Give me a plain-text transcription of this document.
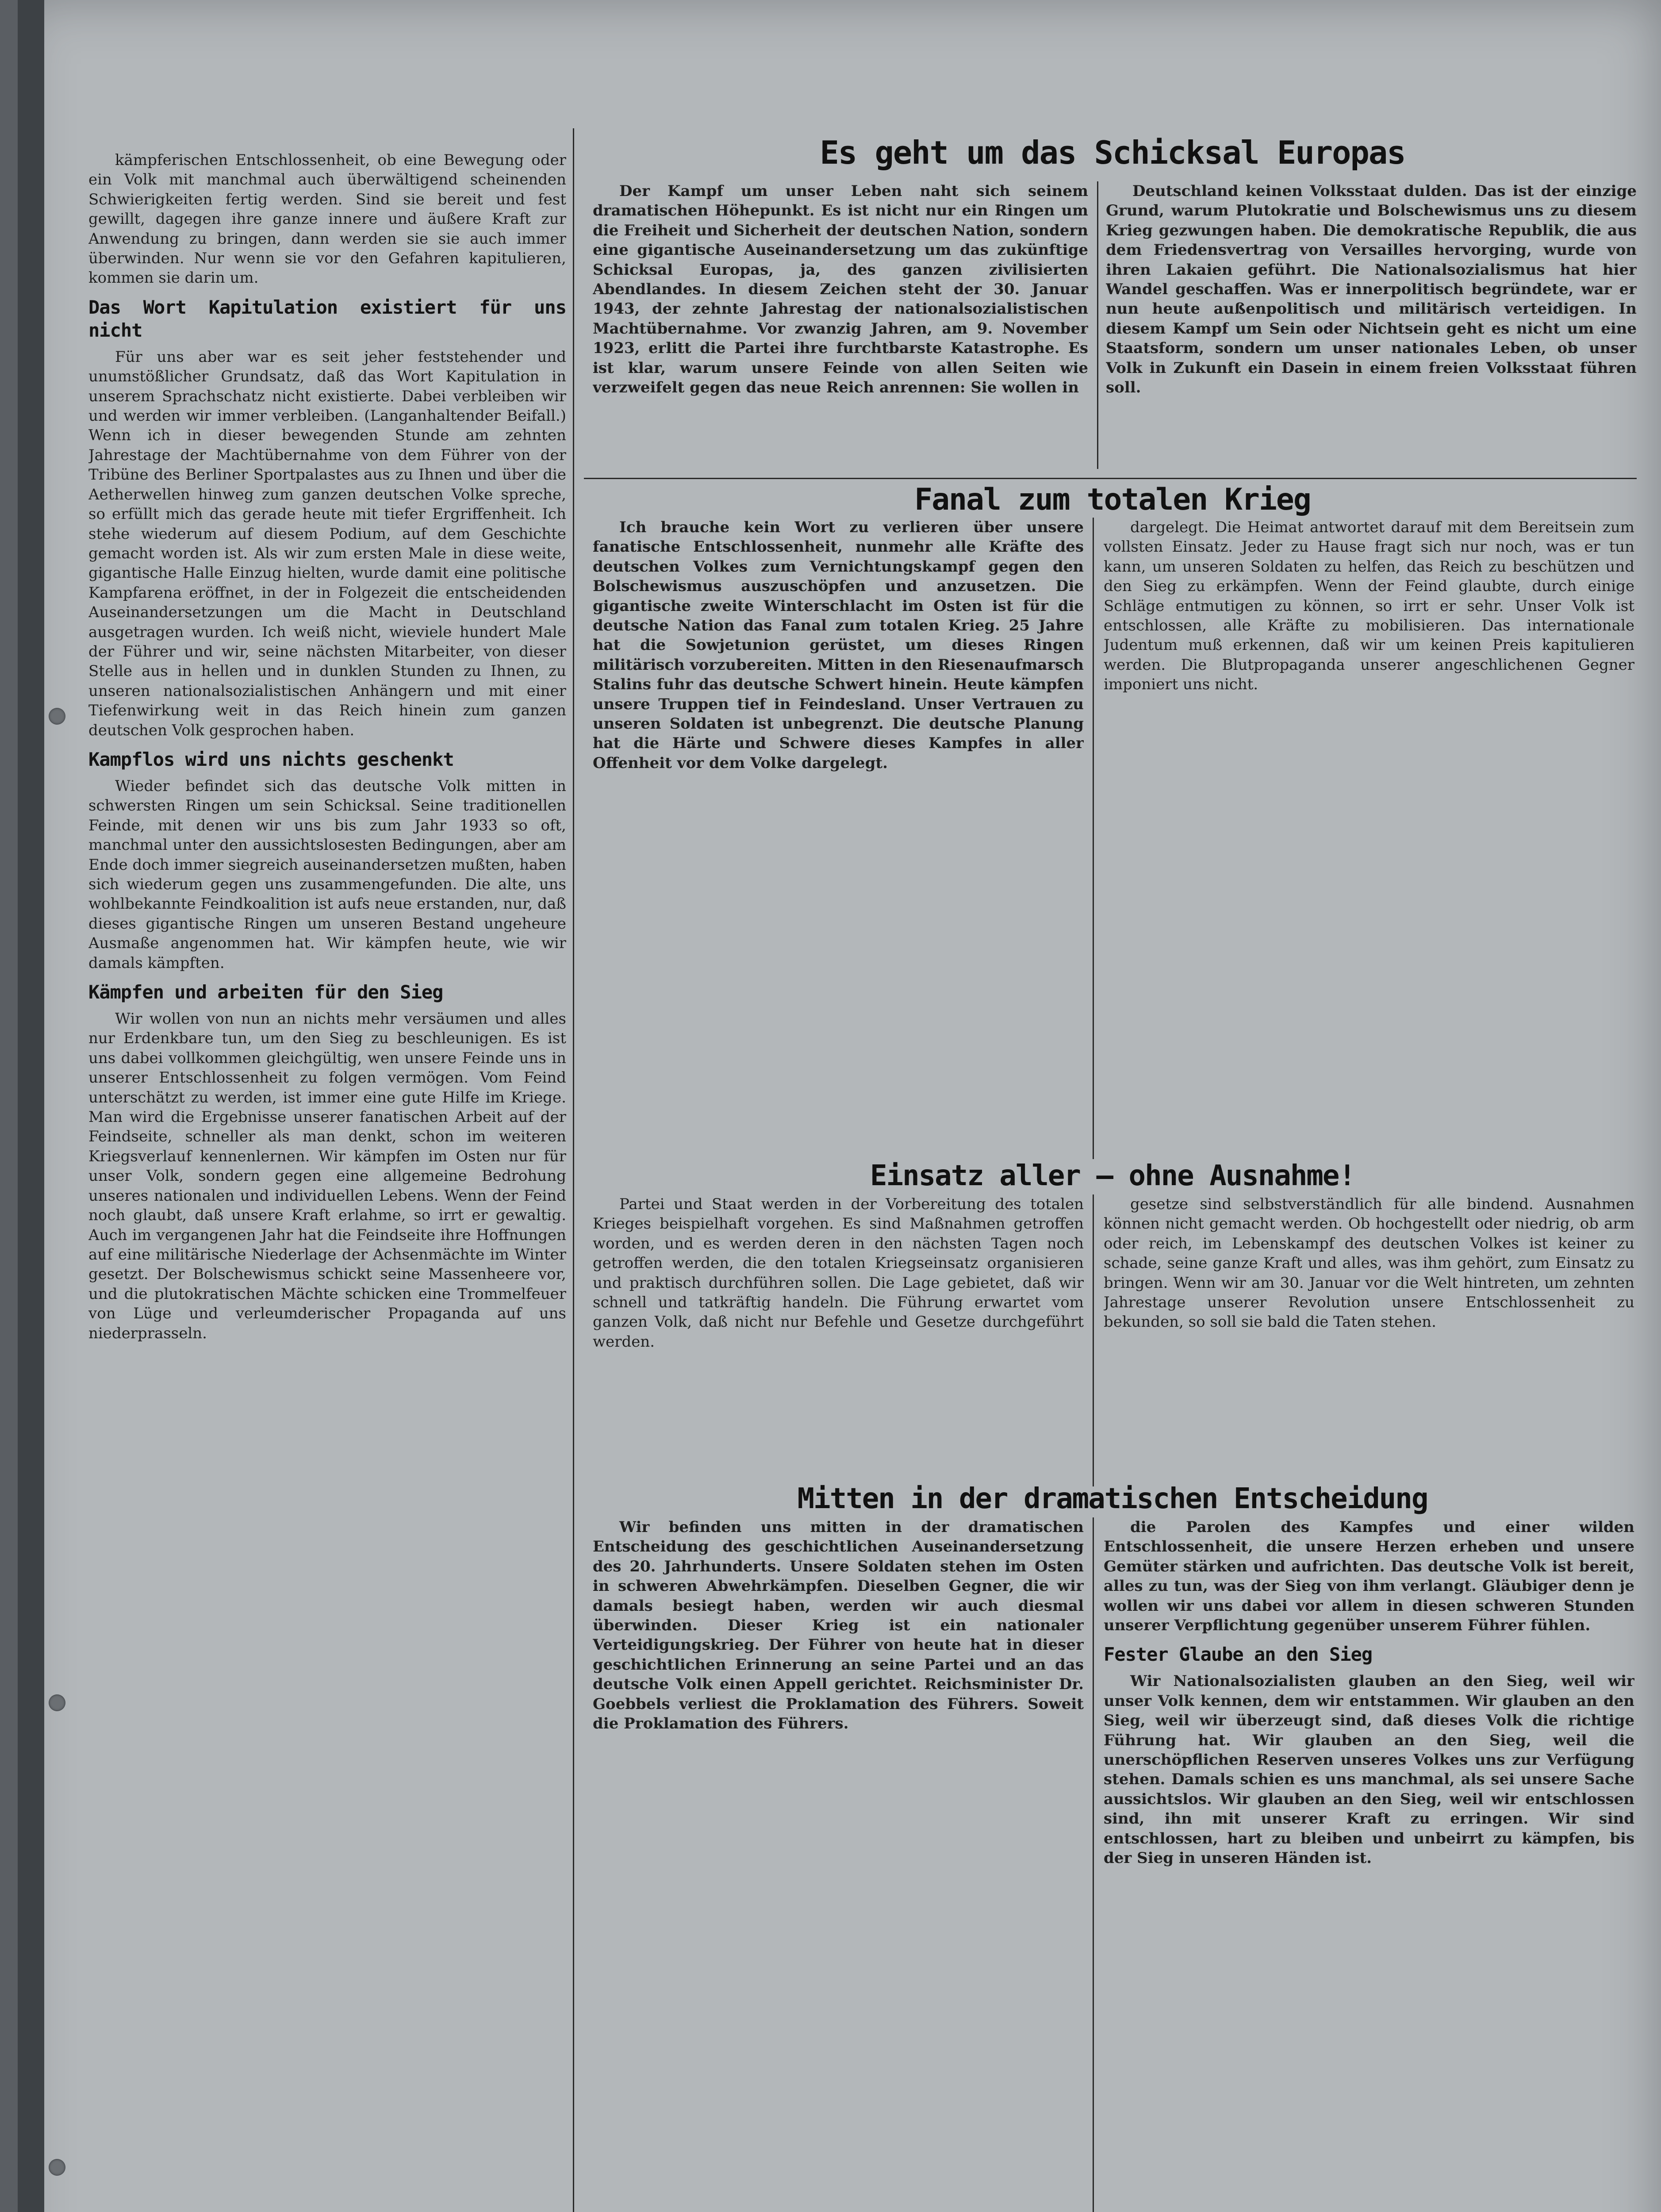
kämpferischen Entschlossenheit, ob eine Bewegung oder ein Volk mit manchmal auch überwältigend scheinenden Schwierigkeiten fertig werden. Sind sie bereit und fest gewillt, dagegen ihre ganze innere und äußere Kraft zur Anwendung zu bringen, dann werden sie sie auch immer überwinden. Nur wenn sie vor den Gefahren kapitulieren, kommen sie darin um.

Das Wort Kapitulation existiert für uns nicht

Für uns aber war es seit jeher feststehender und unumstößlicher Grundsatz, daß das Wort Kapitulation in unserem Sprachschatz nicht existierte. Dabei verbleiben wir und werden wir immer verbleiben. (Langanhaltender Beifall.) Wenn ich in dieser bewegenden Stunde am zehnten Jahrestage der Machtübernahme von dem Führer von der Tribüne des Berliner Sportpalastes aus zu Ihnen und über die Aetherwellen hinweg zum ganzen deutschen Volke spreche, so erfüllt mich das gerade heute mit tiefer Ergriffenheit. Ich stehe wiederum auf diesem Podium, auf dem Geschichte gemacht worden ist. Als wir zum ersten Male in diese weite, gigantische Halle Einzug hielten, wurde damit eine politische Kampfarena eröffnet, in der in Folgezeit die entscheidenden Auseinandersetzungen um die Macht in Deutschland ausgetragen wurden. Ich weiß nicht, wieviele hundert Male der Führer und wir, seine nächsten Mitarbeiter, von dieser Stelle aus in hellen und in dunklen Stunden zu Ihnen, zu unseren nationalsozialistischen Anhängern und mit einer Tiefenwirkung weit in das Reich hinein zum ganzen deutschen Volk gesprochen haben.

Kampflos wird uns nichts geschenkt

Wieder befindet sich das deutsche Volk mitten in schwersten Ringen um sein Schicksal. Seine traditionellen Feinde, mit denen wir uns bis zum Jahr 1933 so oft, manchmal unter den aussichtslosesten Bedingungen, aber am Ende doch immer siegreich auseinandersetzen mußten, haben sich wiederum gegen uns zusammengefunden. Die alte, uns wohlbekannte Feindkoalition ist aufs neue erstanden, nur, daß dieses gigantische Ringen um unseren Bestand ungeheure Ausmaße angenommen hat. Wir kämpfen heute, wie wir damals kämpften.

Kämpfen und arbeiten für den Sieg

Wir wollen von nun an nichts mehr versäumen und alles nur Erdenkbare tun, um den Sieg zu beschleunigen. Es ist uns dabei vollkommen gleichgültig, wen unsere Feinde uns in unserer Entschlossenheit zu folgen vermögen. Vom Feind unterschätzt zu werden, ist immer eine gute Hilfe im Kriege. Man wird die Ergebnisse unserer fanatischen Arbeit auf der Feindseite, schneller als man denkt, schon im weiteren Kriegsverlauf kennenlernen. Wir kämpfen im Osten nur für unser Volk, sondern gegen eine allgemeine Bedrohung unseres nationalen und individuellen Lebens. Wenn der Feind noch glaubt, daß unsere Kraft erlahme, so irrt er gewaltig. Auch im vergangenen Jahr hat die Feindseite ihre Hoffnungen auf eine militärische Niederlage der Achsenmächte im Winter gesetzt. Der Bolschewismus schickt seine Massenheere vor, und die plutokratischen Mächte schicken eine Trommelfeuer von Lüge und verleumderischer Propaganda auf uns niederprasseln.

Es geht um das Schicksal Europas

Der Kampf um unser Leben naht sich seinem dramatischen Höhepunkt. Es ist nicht nur ein Ringen um die Freiheit und Sicherheit der deutschen Nation, sondern eine gigantische Auseinandersetzung um das zukünftige Schicksal Europas, ja, des ganzen zivilisierten Abendlandes. In diesem Zeichen steht der 30. Januar 1943, der zehnte Jahrestag der nationalsozialistischen Machtübernahme. Vor zwanzig Jahren, am 9. November 1923, erlitt die Partei ihre furchtbarste Katastrophe. Es ist klar, warum unsere Feinde von allen Seiten wie verzweifelt gegen das neue Reich anrennen: Sie wollen in

Deutschland keinen Volksstaat dulden. Das ist der einzige Grund, warum Plutokratie und Bolschewismus uns zu diesem Krieg gezwungen haben. Die demokratische Republik, die aus dem Friedensvertrag von Versailles hervorging, wurde von ihren Lakaien geführt. Die Nationalsozialismus hat hier Wandel geschaffen. Was er innerpolitisch begründete, war er nun heute außenpolitisch und militärisch verteidigen. In diesem Kampf um Sein oder Nichtsein geht es nicht um eine Staatsform, sondern um unser nationales Leben, ob unser Volk in Zukunft ein Dasein in einem freien Volksstaat führen soll.

Fanal zum totalen Krieg

Ich brauche kein Wort zu verlieren über unsere fanatische Entschlossenheit, nunmehr alle Kräfte des deutschen Volkes zum Vernichtungskampf gegen den Bolschewismus auszuschöpfen und anzusetzen. Die gigantische zweite Winterschlacht im Osten ist für die deutsche Nation das Fanal zum totalen Krieg. 25 Jahre hat die Sowjetunion gerüstet, um dieses Ringen militärisch vorzubereiten. Mitten in den Riesenaufmarsch Stalins fuhr das deutsche Schwert hinein. Heute kämpfen unsere Truppen tief in Feindesland. Unser Vertrauen zu unseren Soldaten ist unbegrenzt. Die deutsche Planung hat die Härte und Schwere dieses Kampfes in aller Offenheit vor dem Volke dargelegt.

dargelegt. Die Heimat antwortet darauf mit dem Bereitsein zum vollsten Einsatz. Jeder zu Hause fragt sich nur noch, was er tun kann, um unseren Soldaten zu helfen, das Reich zu beschützen und den Sieg zu erkämpfen. Wenn der Feind glaubte, durch einige Schläge entmutigen zu können, so irrt er sehr. Unser Volk ist entschlossen, alle Kräfte zu mobilisieren. Das internationale Judentum muß erkennen, daß wir um keinen Preis kapitulieren werden. Die Blutpropaganda unserer angeschlichenen Gegner imponiert uns nicht.

Einsatz aller — ohne Ausnahme!

Partei und Staat werden in der Vorbereitung des totalen Krieges beispielhaft vorgehen. Es sind Maßnahmen getroffen worden, und es werden deren in den nächsten Tagen noch getroffen werden, die den totalen Kriegseinsatz organisieren und praktisch durchführen sollen. Die Lage gebietet, daß wir schnell und tatkräftig handeln. Die Führung erwartet vom ganzen Volk, daß nicht nur Befehle und Gesetze durchgeführt werden.

gesetze sind selbstverständlich für alle bindend. Ausnahmen können nicht gemacht werden. Ob hochgestellt oder niedrig, ob arm oder reich, im Lebenskampf des deutschen Volkes ist keiner zu schade, seine ganze Kraft und alles, was ihm gehört, zum Einsatz zu bringen. Wenn wir am 30. Januar vor die Welt hintreten, um zehnten Jahrestage unserer Revolution unsere Entschlossenheit zu bekunden, so soll sie bald die Taten stehen.

Mitten in der dramatischen Entscheidung

Wir befinden uns mitten in der dramatischen Entscheidung des geschichtlichen Auseinandersetzung des 20. Jahrhunderts. Unsere Soldaten stehen im Osten in schweren Abwehrkämpfen. Dieselben Gegner, die wir damals besiegt haben, werden wir auch diesmal überwinden. Dieser Krieg ist ein nationaler Verteidigungskrieg. Der Führer von heute hat in dieser geschichtlichen Erinnerung an seine Partei und an das deutsche Volk einen Appell gerichtet. Reichsminister Dr. Goebbels verliest die Proklamation des Führers. Soweit die Proklamation des Führers.

die Parolen des Kampfes und einer wilden Entschlossenheit, die unsere Herzen erheben und unsere Gemüter stärken und aufrichten. Das deutsche Volk ist bereit, alles zu tun, was der Sieg von ihm verlangt. Gläubiger denn je wollen wir uns dabei vor allem in diesen schweren Stunden unserer Verpflichtung gegenüber unserem Führer fühlen.

Fester Glaube an den Sieg

Wir Nationalsozialisten glauben an den Sieg, weil wir unser Volk kennen, dem wir entstammen. Wir glauben an den Sieg, weil wir überzeugt sind, daß dieses Volk die richtige Führung hat. Wir glauben an den Sieg, weil die unerschöpflichen Reserven unseres Volkes uns zur Verfügung stehen. Damals schien es uns manchmal, als sei unsere Sache aussichtslos. Wir glauben an den Sieg, weil wir entschlossen sind, ihn mit unserer Kraft zu erringen. Wir sind entschlossen, hart zu bleiben und unbeirrt zu kämpfen, bis der Sieg in unseren Händen ist.
